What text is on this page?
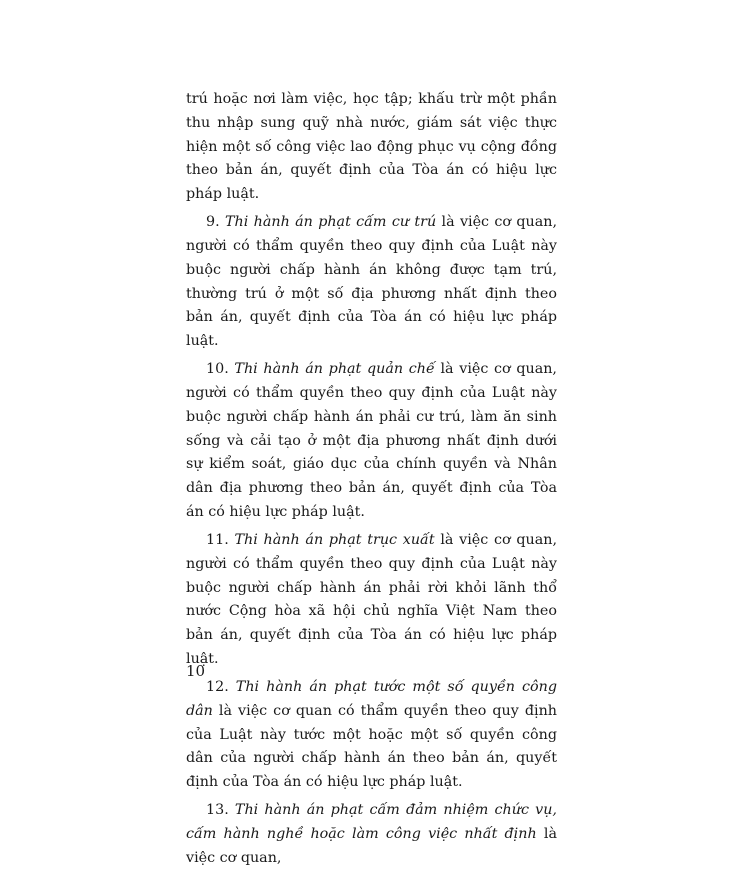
trú hoặc nơi làm việc, học tập; khấu trừ một phần thu nhập sung quỹ nhà nước, giám sát việc thực hiện một số công việc lao động phục vụ cộng đồng theo bản án, quyết định của Tòa án có hiệu lực pháp luật.

9. Thi hành án phạt cấm cư trú là việc cơ quan, người có thẩm quyền theo quy định của Luật này buộc người chấp hành án không được tạm trú, thường trú ở một số địa phương nhất định theo bản án, quyết định của Tòa án có hiệu lực pháp luật.

10. Thi hành án phạt quản chế là việc cơ quan, người có thẩm quyền theo quy định của Luật này buộc người chấp hành án phải cư trú, làm ăn sinh sống và cải tạo ở một địa phương nhất định dưới sự kiểm soát, giáo dục của chính quyền và Nhân dân địa phương theo bản án, quyết định của Tòa án có hiệu lực pháp luật.

11. Thi hành án phạt trục xuất là việc cơ quan, người có thẩm quyền theo quy định của Luật này buộc người chấp hành án phải rời khỏi lãnh thổ nước Cộng hòa xã hội chủ nghĩa Việt Nam theo bản án, quyết định của Tòa án có hiệu lực pháp luật.

12. Thi hành án phạt tước một số quyền công dân là việc cơ quan có thẩm quyền theo quy định của Luật này tước một hoặc một số quyền công dân của người chấp hành án theo bản án, quyết định của Tòa án có hiệu lực pháp luật.

13. Thi hành án phạt cấm đảm nhiệm chức vụ, cấm hành nghề hoặc làm công việc nhất định là việc cơ quan,

10
